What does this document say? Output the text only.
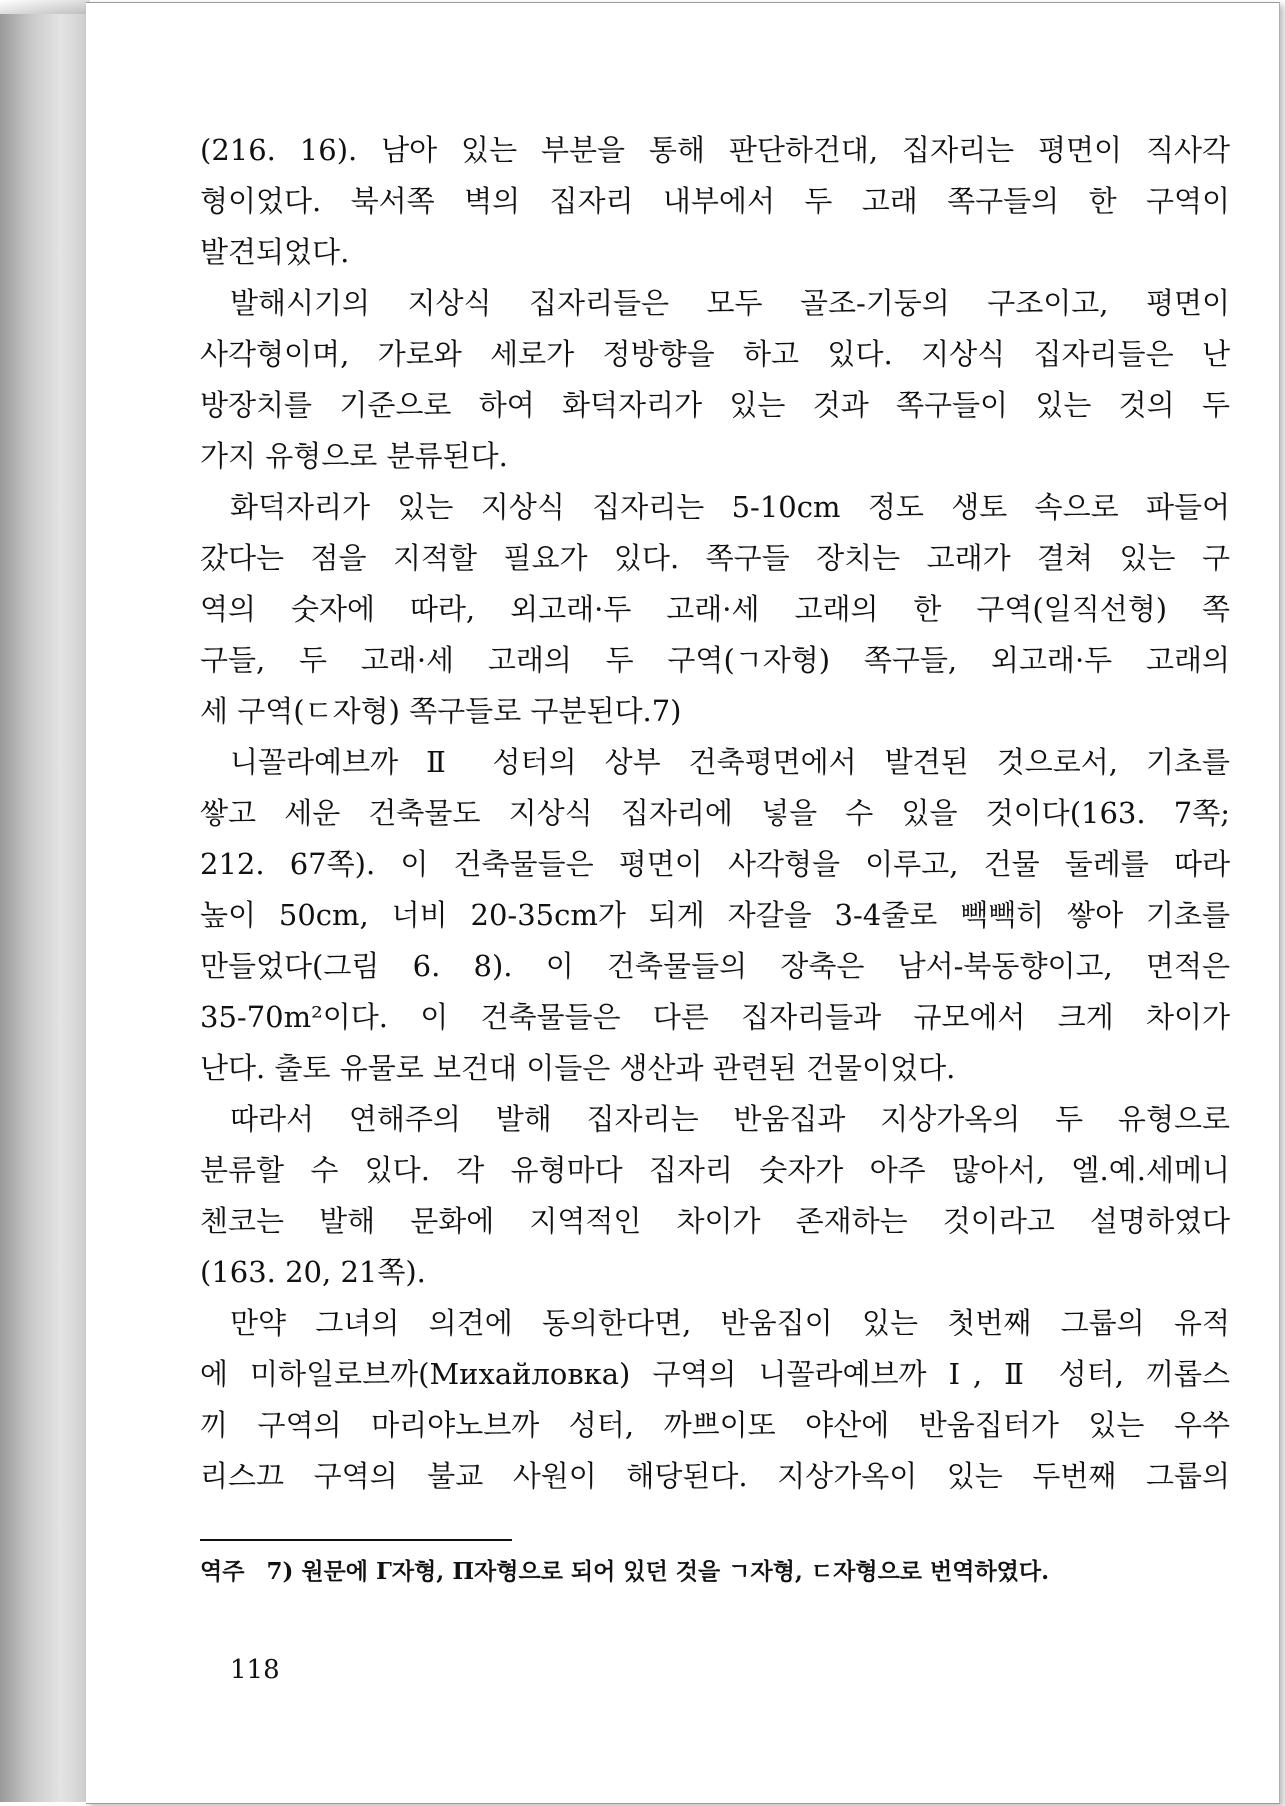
(216. 16). 남아 있는 부분을 통해 판단하건대, 집자리는 평면이 직사각
형이었다. 북서쪽 벽의 집자리 내부에서 두 고래 쪽구들의 한 구역이
발견되었다.
발해시기의 지상식 집자리들은 모두 골조-기둥의 구조이고, 평면이
사각형이며, 가로와 세로가 정방향을 하고 있다. 지상식 집자리들은 난
방장치를 기준으로 하여 화덕자리가 있는 것과 쪽구들이 있는 것의 두
가지 유형으로 분류된다.
화덕자리가 있는 지상식 집자리는 5-10cm 정도 생토 속으로 파들어
갔다는 점을 지적할 필요가 있다. 쪽구들 장치는 고래가 결쳐 있는 구
역의 숫자에 따라, 외고래·두 고래·세 고래의 한 구역(일직선형) 쪽
구들, 두 고래·세 고래의 두 구역(ㄱ자형) 쪽구들, 외고래·두 고래의
세 구역(ㄷ자형) 쪽구들로 구분된다.7)
니꼴라예브까 Ⅱ 성터의 상부 건축평면에서 발견된 것으로서, 기초를
쌓고 세운 건축물도 지상식 집자리에 넣을 수 있을 것이다(163. 7쪽;
212. 67쪽). 이 건축물들은 평면이 사각형을 이루고, 건물 둘레를 따라
높이 50cm, 너비 20-35cm가 되게 자갈을 3-4줄로 빽빽히 쌓아 기초를
만들었다(그림 6. 8). 이 건축물들의 장축은 남서-북동향이고, 면적은
35-70m²이다. 이 건축물들은 다른 집자리들과 규모에서 크게 차이가
난다. 출토 유물로 보건대 이들은 생산과 관련된 건물이었다.
따라서 연해주의 발해 집자리는 반움집과 지상가옥의 두 유형으로
분류할 수 있다. 각 유형마다 집자리 숫자가 아주 많아서, 엘.예.세메니
첸코는 발해 문화에 지역적인 차이가 존재하는 것이라고 설명하였다
(163. 20, 21쪽).
만약 그녀의 의견에 동의한다면, 반움집이 있는 첫번째 그룹의 유적
에 미하일로브까(Михайловка) 구역의 니꼴라예브까 Ⅰ, Ⅱ 성터, 끼롭스
끼 구역의 마리야노브까 성터, 까쁘이또 야산에 반움집터가 있는 우쑤
리스끄 구역의 불교 사원이 해당된다. 지상가옥이 있는 두번째 그룹의
역주 7) 원문에 Г자형, П자형으로 되어 있던 것을 ㄱ자형, ㄷ자형으로 번역하였다.
118
